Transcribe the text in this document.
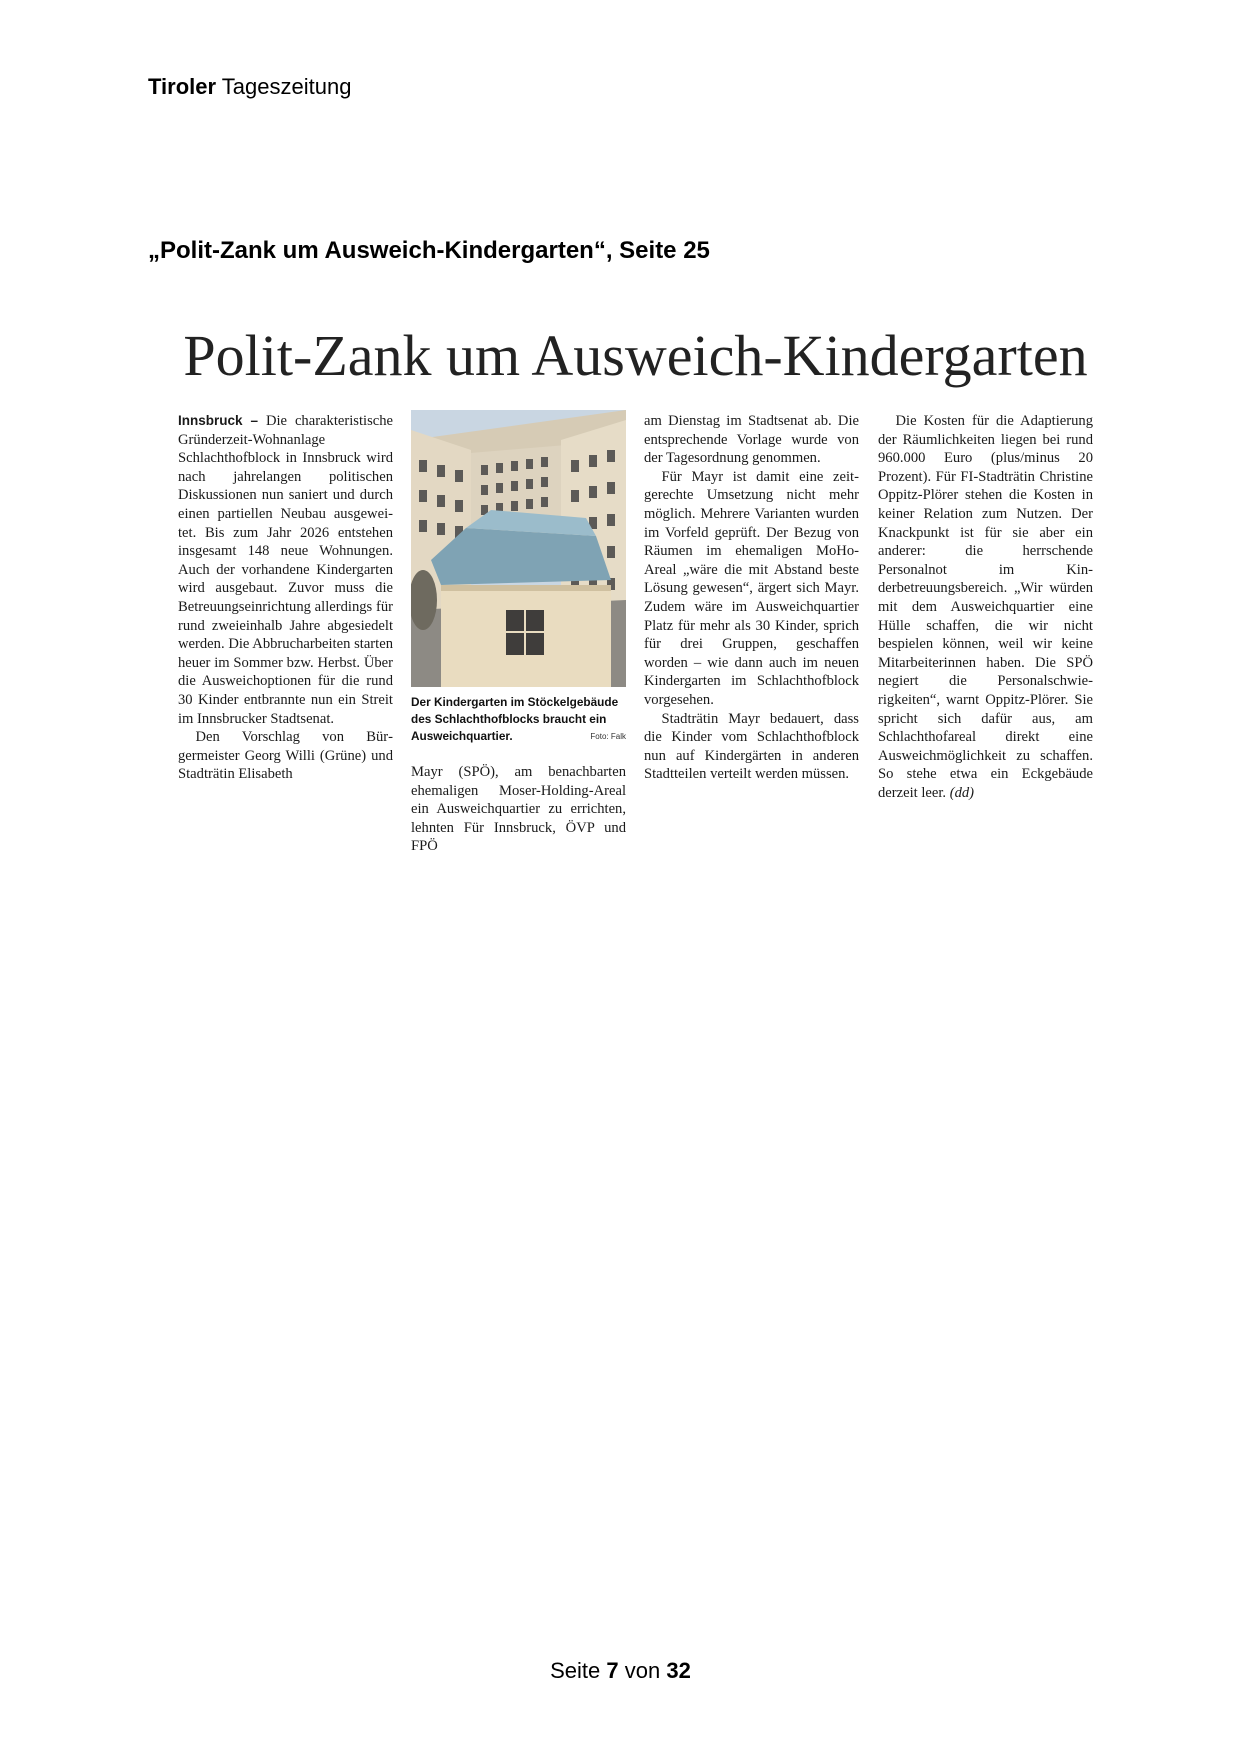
Tiroler Tageszeitung
„Polit-Zank um Ausweich-Kindergarten“, Seite 25
Polit-Zank um Ausweich-Kindergarten

Innsbruck – Die charakteristische Gründerzeit-Wohnanlage Schlachthofblock in Innsbruck wird nach jahrelangen politischen Diskussionen nun saniert und durch einen partiellen Neubau ausgeweitet. Bis zum Jahr 2026 entstehen insgesamt 148 neue Wohnungen. Auch der vorhandene Kindergarten wird ausgebaut. Zuvor muss die Betreuungseinrichtung allerdings für rund zweieinhalb Jahre abgesiedelt werden. Die Abbrucharbeiten starten heuer im Sommer bzw. Herbst. Über die Ausweichoptionen für die rund 30 Kinder entbrannte nun ein Streit im Innsbrucker Stadtsenat.

Den Vorschlag von Bürgermeister Georg Willi (Grüne) und Stadträtin Elisabeth

Der Kindergarten im Stöckelgebäude des Schlachthofblocks braucht ein Ausweichquartier.	Foto: Falk

Mayr (SPÖ), am benachbarten ehemaligen Moser-Holding-Areal ein Ausweichquartier zu errichten, lehnten Für Innsbruck, ÖVP und FPÖ

am Dienstag im Stadtsenat ab. Die entsprechende Vorlage wurde von der Tagesordnung genommen.

Für Mayr ist damit eine zeitgerechte Umsetzung nicht mehr möglich. Mehrere Varianten wurden im Vorfeld geprüft. Der Bezug von Räumen im ehemaligen MoHo-Areal „wäre die mit Abstand beste Lösung gewesen“, ärgert sich Mayr. Zudem wäre im Ausweichquartier Platz für mehr als 30 Kinder, sprich für drei Gruppen, geschaffen worden – wie dann auch im neuen Kindergarten im Schlachthofblock vorgesehen.

Stadträtin Mayr bedauert, dass die Kinder vom Schlachthofblock nun auf Kindergärten in anderen Stadtteilen verteilt werden müssen.

Die Kosten für die Adaptierung der Räumlichkeiten liegen bei rund 960.000 Euro (plus/minus 20 Prozent). Für FI-Stadträtin Christine Oppitz-Plörer stehen die Kosten in keiner Relation zum Nutzen. Der Knackpunkt ist für sie aber ein anderer: die herrschende Personalnot im Kinderbetreuungsbereich. „Wir würden mit dem Ausweichquartier eine Hülle schaffen, die wir nicht bespielen können, weil wir keine Mitarbeiterinnen haben. Die SPÖ negiert die Personalschwierigkeiten“, warnt Oppitz-Plörer. Sie spricht sich dafür aus, am Schlachthofareal direkt eine Ausweichmöglichkeit zu schaffen. So stehe etwa ein Eckgebäude derzeit leer. (dd)

Seite 7 von 32
